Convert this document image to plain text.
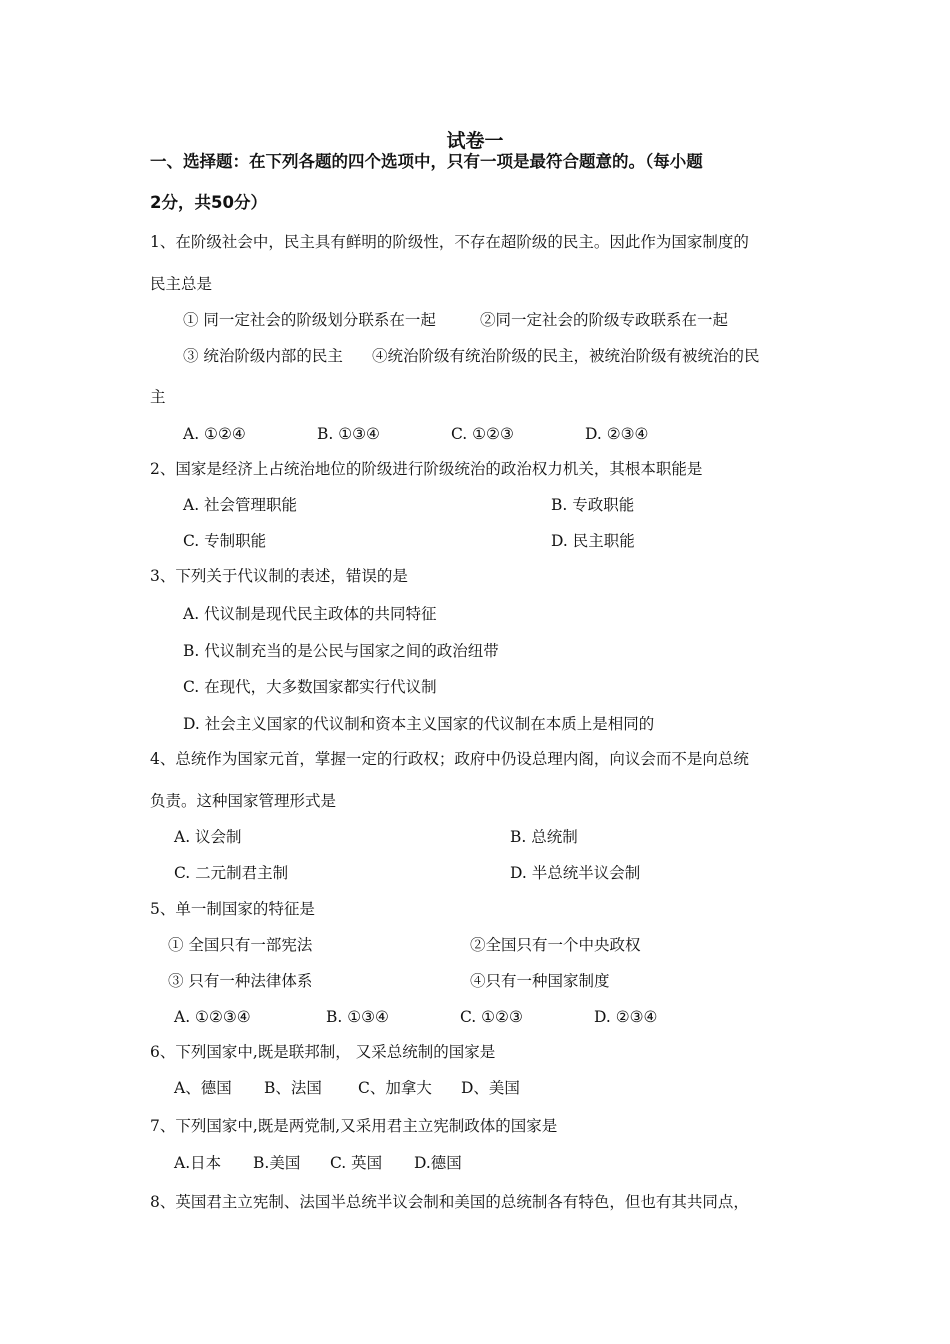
试卷一
一、选择题：在下列各题的四个选项中，只有一项是最符合题意的。（每小题
2分，共50分）
1、在阶级社会中，民主具有鲜明的阶级性，不存在超阶级的民主。因此作为国家制度的
民主总是
① 同一定社会的阶级划分联系在一起	②同一定社会的阶级专政联系在一起
③ 统治阶级内部的民主 ④统治阶级有统治阶级的民主，被统治阶级有被统治的民
主
A. ①②④	B. ①③④	C. ①②③	D. ②③④
2、国家是经济上占统治地位的阶级进行阶级统治的政治权力机关，其根本职能是
A. 社会管理职能	B. 专政职能
C. 专制职能	D. 民主职能
3、下列关于代议制的表述，错误的是
A. 代议制是现代民主政体的共同特征
B. 代议制充当的是公民与国家之间的政治纽带
C. 在现代，大多数国家都实行代议制
D. 社会主义国家的代议制和资本主义国家的代议制在本质上是相同的
4、总统作为国家元首，掌握一定的行政权；政府中仍设总理内阁，向议会而不是向总统
负责。这种国家管理形式是
A. 议会制	B. 总统制
C. 二元制君主制	D. 半总统半议会制
5、单一制国家的特征是
① 全国只有一部宪法	②全国只有一个中央政权
③ 只有一种法律体系	④只有一种国家制度
A. ①②③④	B. ①③④	C. ①②③	D. ②③④
6、下列国家中,既是联邦制， 又采总统制的国家是
A、德国 B、法国 C、加拿大 D、美国
7、下列国家中,既是两党制,又采用君主立宪制政体的国家是
A.日本 B.美国 C. 英国 D.德国
8、英国君主立宪制、法国半总统半议会制和美国的总统制各有特色，但也有其共同点，
